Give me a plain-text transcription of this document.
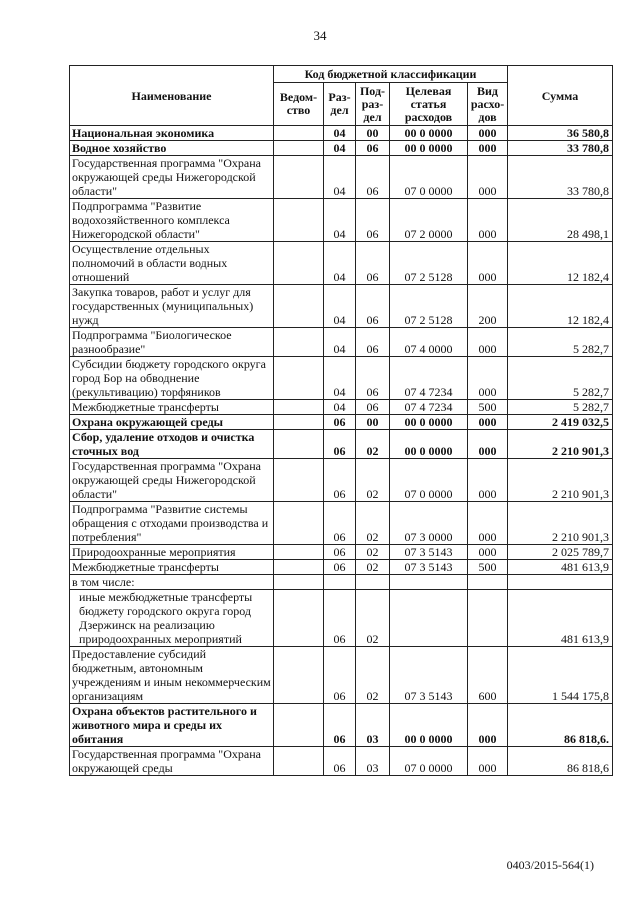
34
Наименование	Код бюджетной классификации					Сумма
	Ведом-ство	Раз-дел	Под-раз-дел	Целевая статья расходов	Вид расхо-дов	
Национальная экономика		04	00	00 0 0000	000	36 580,8
Водное хозяйство		04	06	00 0 0000	000	33 780,8
Государственная программа "Охрана окружающей среды Нижегородской области"		04	06	07 0 0000	000	33 780,8
Подпрограмма "Развитие водохозяйственного комплекса Нижегородской области"		04	06	07 2 0000	000	28 498,1
Осуществление отдельных полномочий в области водных отношений		04	06	07 2 5128	000	12 182,4
Закупка товаров, работ и услуг для государственных (муниципальных) нужд		04	06	07 2 5128	200	12 182,4
Подпрограмма "Биологическое разнообразие"		04	06	07 4 0000	000	5 282,7
Субсидии бюджету городского округа город Бор на обводнение (рекультивацию) торфяников		04	06	07 4 7234	000	5 282,7
Межбюджетные трансферты		04	06	07 4 7234	500	5 282,7
Охрана окружающей среды		06	00	00 0 0000	000	2 419 032,5
Сбор, удаление отходов и очистка сточных вод		06	02	00 0 0000	000	2 210 901,3
Государственная программа "Охрана окружающей среды Нижегородской области"		06	02	07 0 0000	000	2 210 901,3
Подпрограмма "Развитие системы обращения с отходами производства и потребления"		06	02	07 3 0000	000	2 210 901,3
Природоохранные мероприятия		06	02	07 3 5143	000	2 025 789,7
Межбюджетные трансферты		06	02	07 3 5143	500	481 613,9
в том числе:						
иные межбюджетные трансферты бюджету городского округа город Дзержинск на реализацию природоохранных мероприятий		06	02			481 613,9
Предоставление субсидий бюджетным, автономным учреждениям и иным некоммерческим организациям		06	02	07 3 5143	600	1 544 175,8
Охрана объектов растительного и животного мира и среды их обитания		06	03	00 0 0000	000	86 818,6.
Государственная программа "Охрана окружающей среды		06	03	07 0 0000	000	86 818,6
0403/2015-564(1)
